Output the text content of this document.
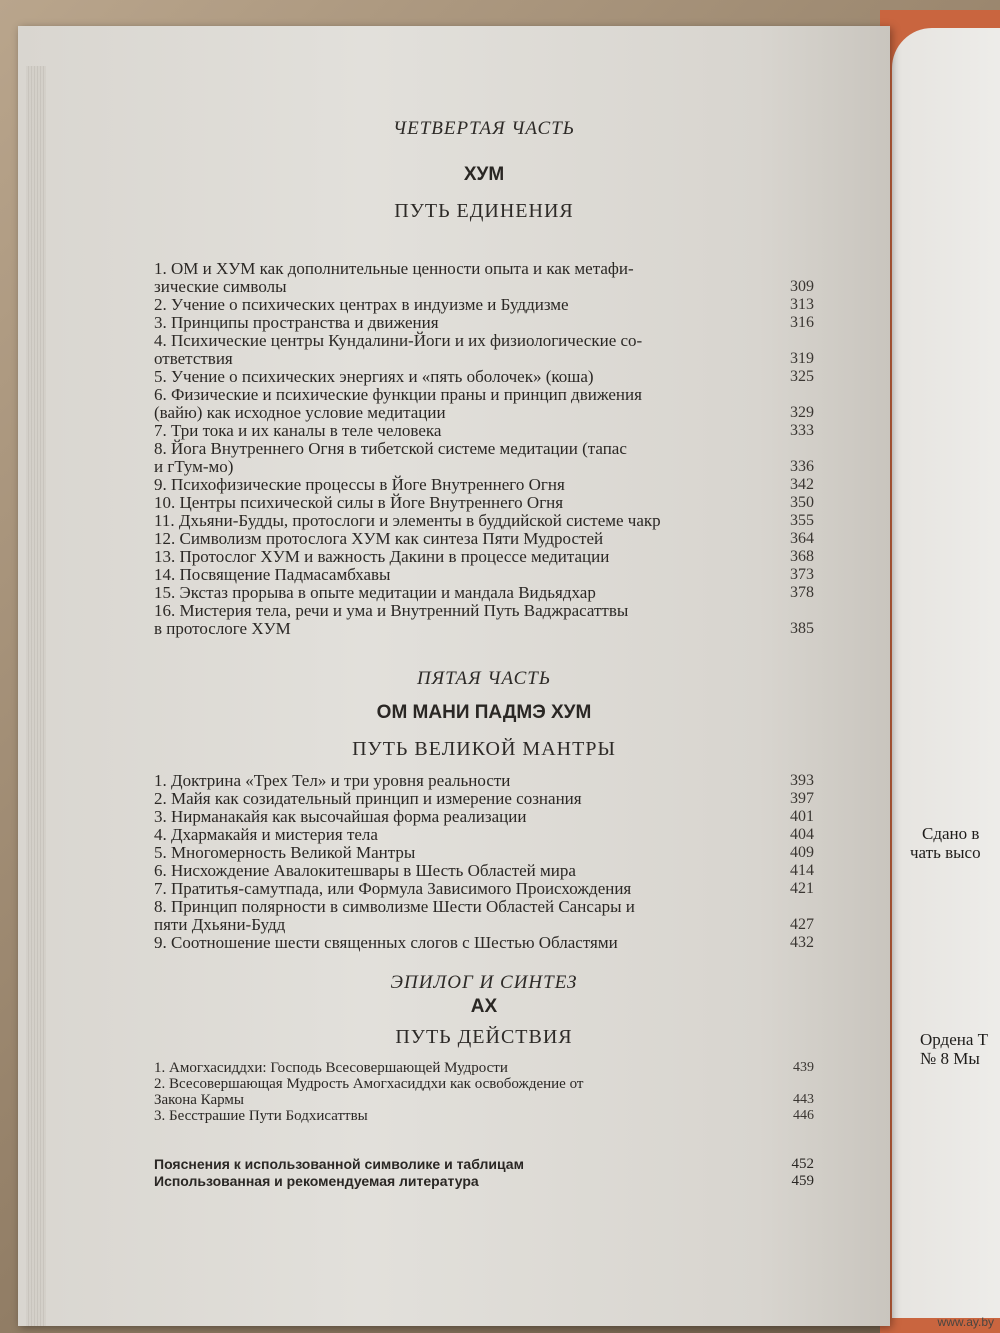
Сдано в
чать высо
Ордена Т
№ 8 Мы
ЧЕТВЕРТАЯ ЧАСТЬ
ХУМ
ПУТЬ ЕДИНЕНИЯ
1. ОМ и ХУМ как дополнительные ценности опыта и как метафи-
зические символы	309
2. Учение о психических центрах в индуизме и Буддизме	313
3. Принципы пространства и движения	316
4. Психические центры Кундалини-Йоги и их физиологические со-
ответствия	319
5. Учение о психических энергиях и «пять оболочек» (коша)	325
6. Физические и психические функции праны и принцип движения
(вайю) как исходное условие медитации	329
7. Три тока и их каналы в теле человека	333
8. Йога Внутреннего Огня в тибетской системе медитации (тапас
и гТум-мо)	336
9. Психофизические процессы в Йоге Внутреннего Огня	342
10. Центры психической силы в Йоге Внутреннего Огня	350
11. Дхьяни-Будды, протослоги и элементы в буддийской системе чакр	355
12. Символизм протослога ХУМ как синтеза Пяти Мудростей	364
13. Протослог ХУМ и важность Дакини в процессе медитации	368
14. Посвящение Падмасамбхавы	373
15. Экстаз прорыва в опыте медитации и мандала Видьядхар	378
16. Мистерия тела, речи и ума и Внутренний Путь Ваджрасаттвы
в протослоге ХУМ	385
ПЯТАЯ ЧАСТЬ
ОМ МАНИ ПАДМЭ ХУМ
ПУТЬ ВЕЛИКОЙ МАНТРЫ
1. Доктрина «Трех Тел» и три уровня реальности	393
2. Майя как созидательный принцип и измерение сознания	397
3. Нирманакайя как высочайшая форма реализации	401
4. Дхармакайя и мистерия тела	404
5. Многомерность Великой Мантры	409
6. Нисхождение Авалокитешвары в Шесть Областей мира	414
7. Пратитья-самутпада, или Формула Зависимого Происхождения	421
8. Принцип полярности в символизме Шести Областей Сансары и
пяти Дхьяни-Будд	427
9. Соотношение шести священных слогов с Шестью Областями	432
ЭПИЛОГ И СИНТЕЗ
АХ
ПУТЬ ДЕЙСТВИЯ
1. Амогхасиддхи: Господь Всесовершающей Мудрости	439
2. Всесовершающая Мудрость Амогхасиддхи как освобождение от
Закона Кармы	443
3. Бесстрашие Пути Бодхисаттвы	446
Пояснения к использованной символике и таблицам	452
Использованная и рекомендуемая литература	459
www.ay.by
